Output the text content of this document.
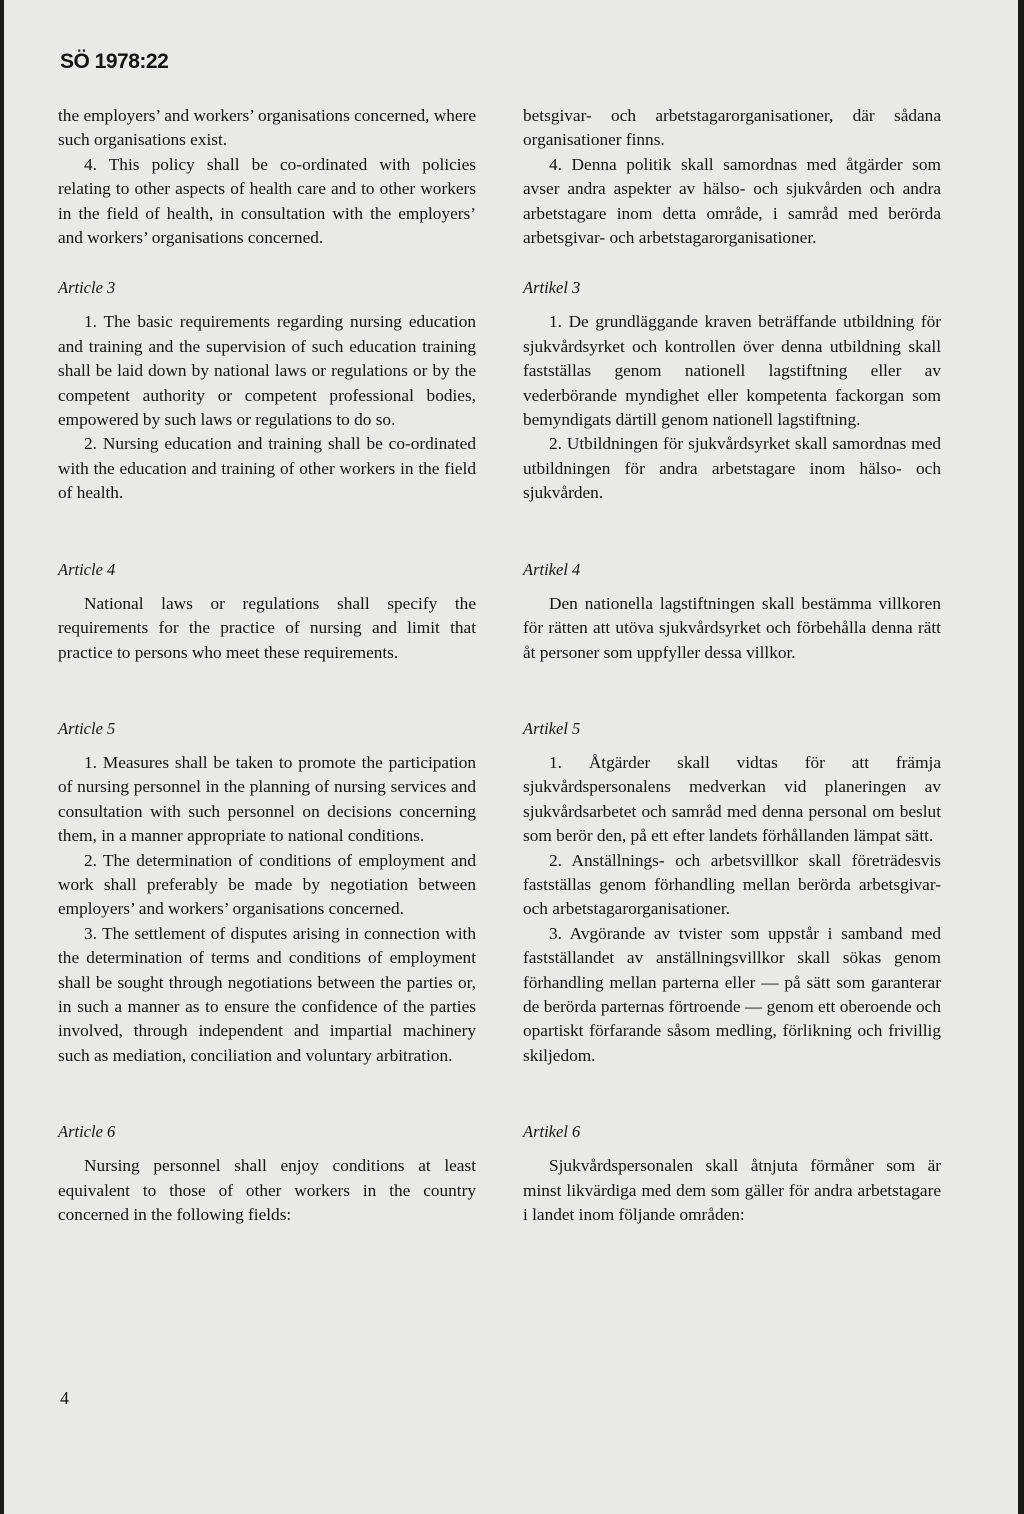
SÖ 1978:22

the employers’ and workers’ organisations concerned, where such organisations exist.

4. This policy shall be co-ordinated with policies relating to other aspects of health care and to other workers in the field of health, in consultation with the employers’ and workers’ organisations concerned.

Article 3

1. The basic requirements regarding nursing education and training and the supervision of such education training shall be laid down by national laws or regulations or by the competent authority or competent professional bodies, empowered by such laws or regulations to do so.

2. Nursing education and training shall be co-ordinated with the education and training of other workers in the field of health.

Article 4

National laws or regulations shall specify the requirements for the practice of nursing and limit that practice to persons who meet these requirements.

Article 5

1. Measures shall be taken to promote the participation of nursing personnel in the planning of nursing services and consultation with such personnel on decisions concerning them, in a manner appropriate to national conditions.

2. The determination of conditions of employment and work shall preferably be made by negotiation between employers’ and workers’ organisations concerned.

3. The settlement of disputes arising in connection with the determination of terms and conditions of employment shall be sought through negotiations between the parties or, in such a manner as to ensure the confidence of the parties involved, through independent and impartial machinery such as mediation, conciliation and voluntary arbitration.

Article 6

Nursing personnel shall enjoy conditions at least equivalent to those of other workers in the country concerned in the following fields:

betsgivar- och arbetstagarorganisationer, där sådana organisationer finns.

4. Denna politik skall samordnas med åtgärder som avser andra aspekter av hälso- och sjukvården och andra arbetstagare inom detta område, i samråd med berörda arbetsgivar- och arbetstagarorganisationer.

Artikel 3

1. De grundläggande kraven beträffande utbildning för sjukvårdsyrket och kontrollen över denna utbildning skall fastställas genom nationell lagstiftning eller av vederbörande myndighet eller kompetenta fackorgan som bemyndigats därtill genom nationell lagstiftning.

2. Utbildningen för sjukvårdsyrket skall samordnas med utbildningen för andra arbetstagare inom hälso- och sjukvården.

Artikel 4

Den nationella lagstiftningen skall bestämma villkoren för rätten att utöva sjukvårdsyrket och förbehålla denna rätt åt personer som uppfyller dessa villkor.

Artikel 5

1. Åtgärder skall vidtas för att främja sjukvårdspersonalens medverkan vid planeringen av sjukvårdsarbetet och samråd med denna personal om beslut som berör den, på ett efter landets förhållanden lämpat sätt.

2. Anställnings- och arbetsvillkor skall företrädesvis fastställas genom förhandling mellan berörda arbetsgivar- och arbetstagarorganisationer.

3. Avgörande av tvister som uppstår i samband med fastställandet av anställningsvillkor skall sökas genom förhandling mellan parterna eller — på sätt som garanterar de berörda parternas förtroende — genom ett oberoende och opartiskt förfarande såsom medling, förlikning och frivillig skiljedom.

Artikel 6

Sjukvårdspersonalen skall åtnjuta förmåner som är minst likvärdiga med dem som gäller för andra arbetstagare i landet inom följande områden:

4
